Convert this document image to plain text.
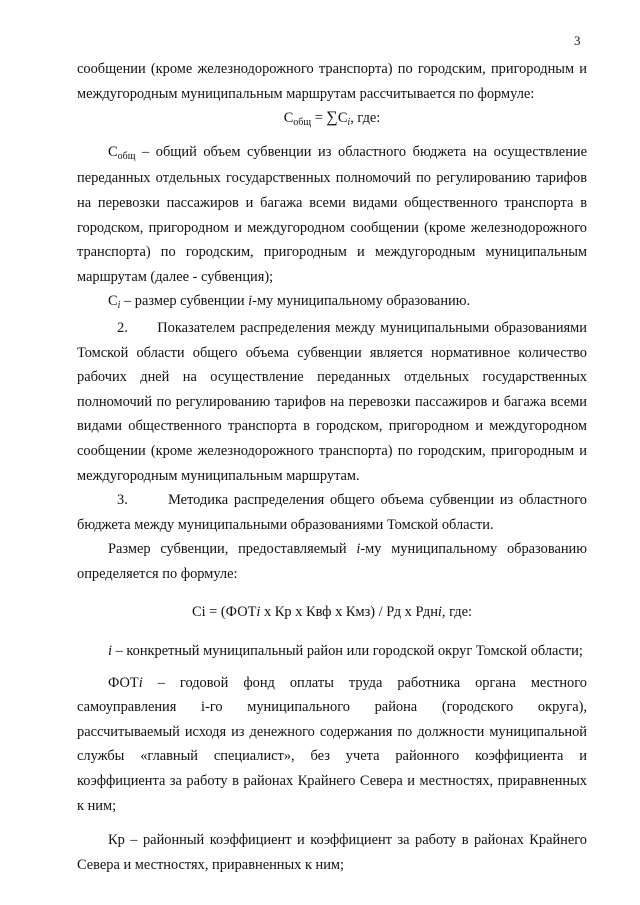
3

сообщении (кроме железнодорожного транспорта) по городским, пригородным и междугородным муниципальным маршрутам рассчитывается по формуле:

$C_{общ} = \sum C_i$, где:

$C_{общ}$ – общий объем субвенции из областного бюджета на осуществление переданных отдельных государственных полномочий по регулированию тарифов на перевозки пассажиров и багажа всеми видами общественного транспорта в городском, пригородном и междугородном сообщении (кроме железнодорожного транспорта) по городским, пригородным и междугородным муниципальным маршрутам (далее - субвенция);

$C_i$ – размер субвенции i-му муниципальному образованию.

2.      Показателем распределения между муниципальными образованиями Томской области общего объема субвенции является нормативное количество рабочих дней на осуществление переданных отдельных государственных полномочий по регулированию тарифов на перевозки пассажиров и багажа всеми видами общественного транспорта в городском, пригородном и междугородном сообщении (кроме железнодорожного транспорта) по городским, пригородным и междугородным муниципальным маршрутам.

3.       Методика распределения общего объема субвенции из областного бюджета между муниципальными образованиями Томской области.

Размер субвенции, предоставляемый i-му муниципальному образованию определяется по формуле:

Ci = (ФОТi х Кр х Квф х Кмз) / Рд х Рднi, где:

i – конкретный муниципальный район или городской округ Томской области;

ФОТi – годовой фонд оплаты труда работника органа местного самоуправления i-го муниципального района (городского округа), рассчитываемый исходя из денежного содержания по должности муниципальной службы «главный специалист», без учета районного коэффициента и коэффициента за работу в районах Крайнего Севера и местностях, приравненных к ним;

Кр – районный коэффициент и коэффициент за работу в районах Крайнего Севера и местностях, приравненных к ним;
